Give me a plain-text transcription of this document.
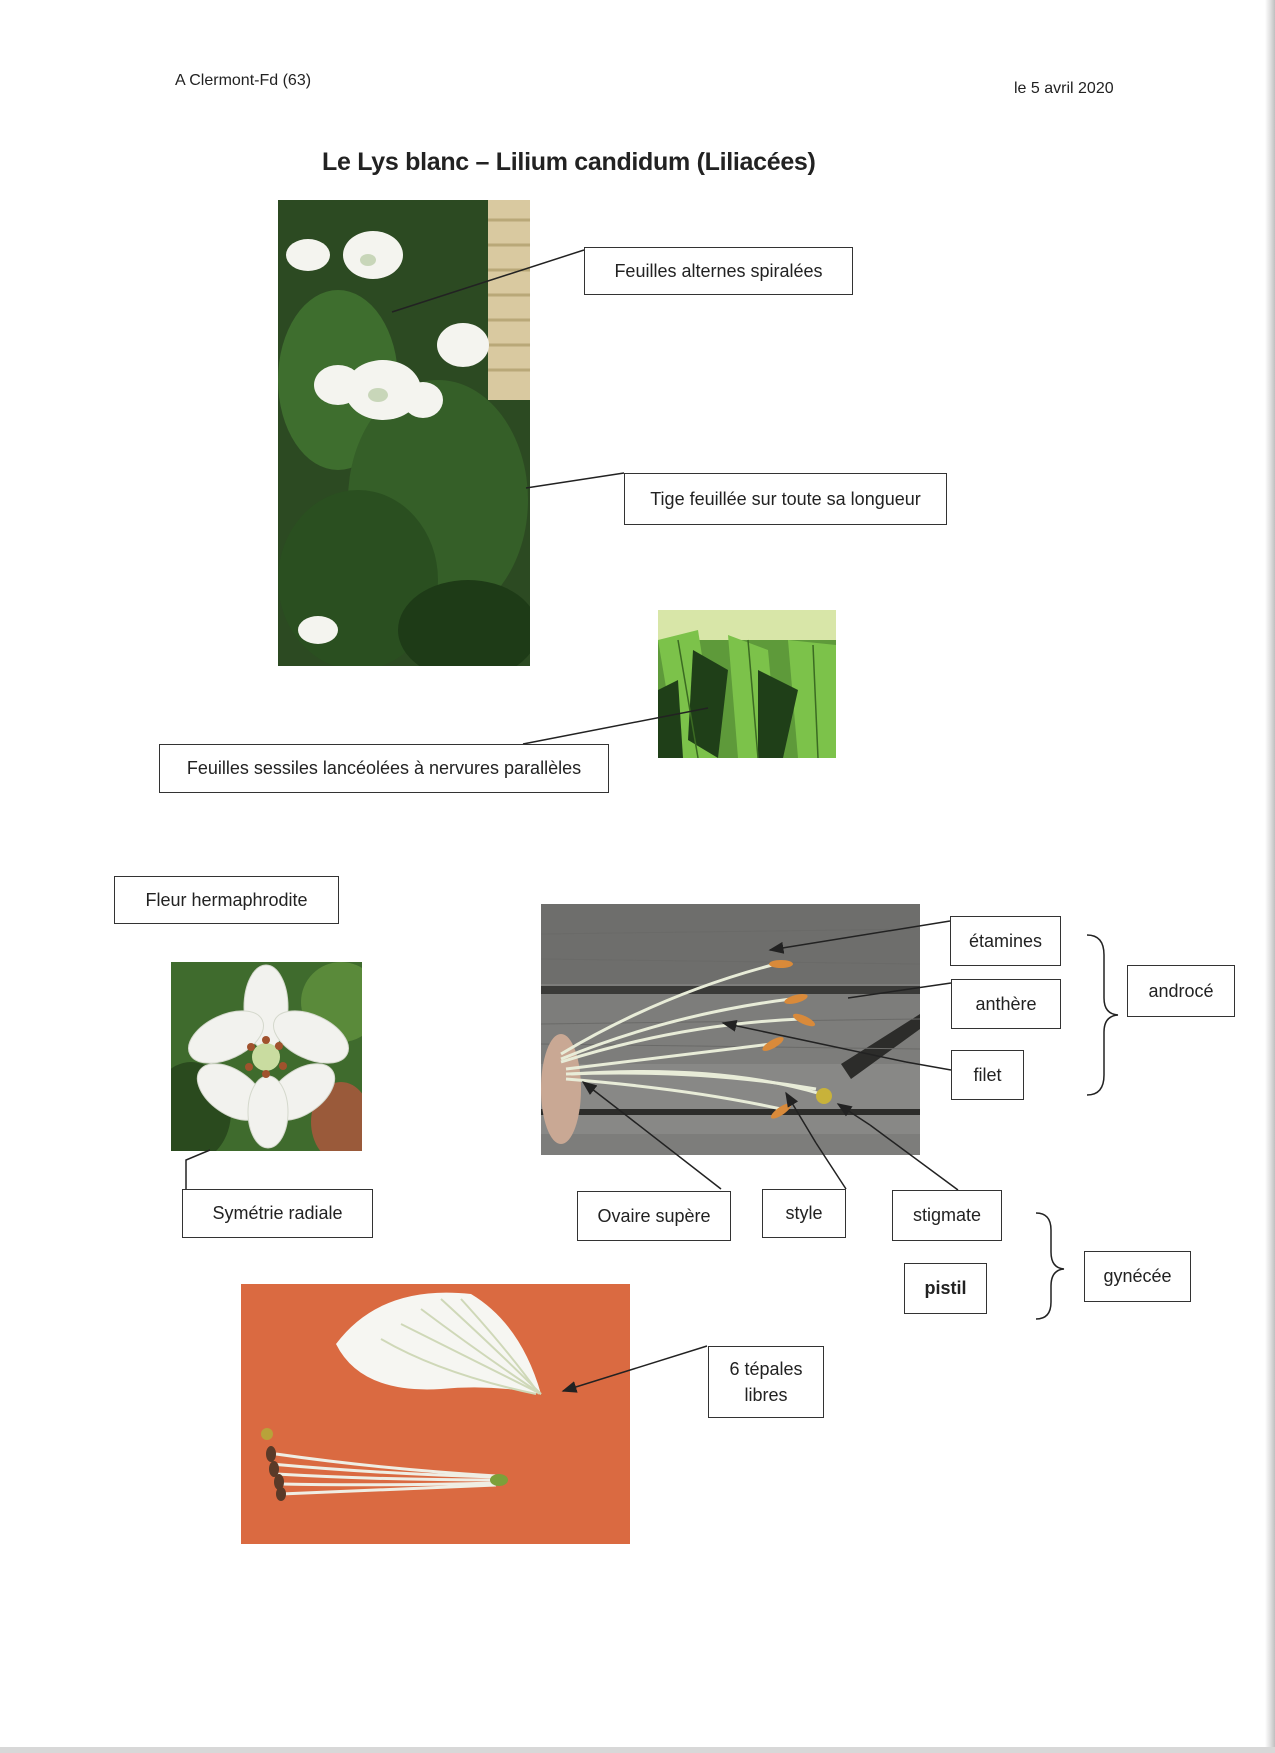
A Clermont-Fd (63)	le 5 avril 2020
Le Lys blanc – Lilium candidum (Liliacées)
Feuilles alternes spiralées
Tige feuillée sur toute sa longueur
Feuilles sessiles lancéolées à nervures parallèles
Fleur hermaphrodite
Symétrie radiale
étamines
anthère
filet
androcé
Ovaire supère	style	stigmate
pistil
gynécée
6 tépales
libres
